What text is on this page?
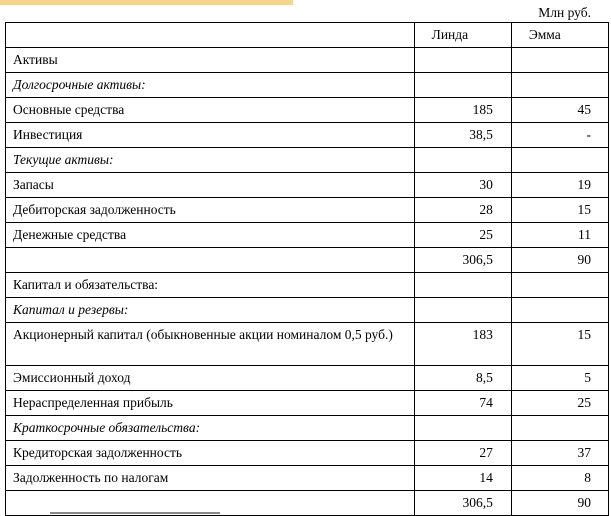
Млн руб.
	Линда	Эмма
Активы		
Долгосрочные активы:		
Основные средства	185	45
Инвестиция	38,5	-
Текущие активы:		
Запасы	30	19
Дебиторская задолженность	28	15
Денежные средства	25	11
	306,5	90
Капитал и обязательства:		
Капитал и резервы:		
Акционерный капитал (обыкновенные акции номиналом 0,5 руб.)	183	15
Эмиссионный доход	8,5	5
Нераспределенная прибыль	74	25
Краткосрочные обязательства:		
Кредиторская задолженность	27	37
Задолженность по налогам	14	8
	306,5	90
